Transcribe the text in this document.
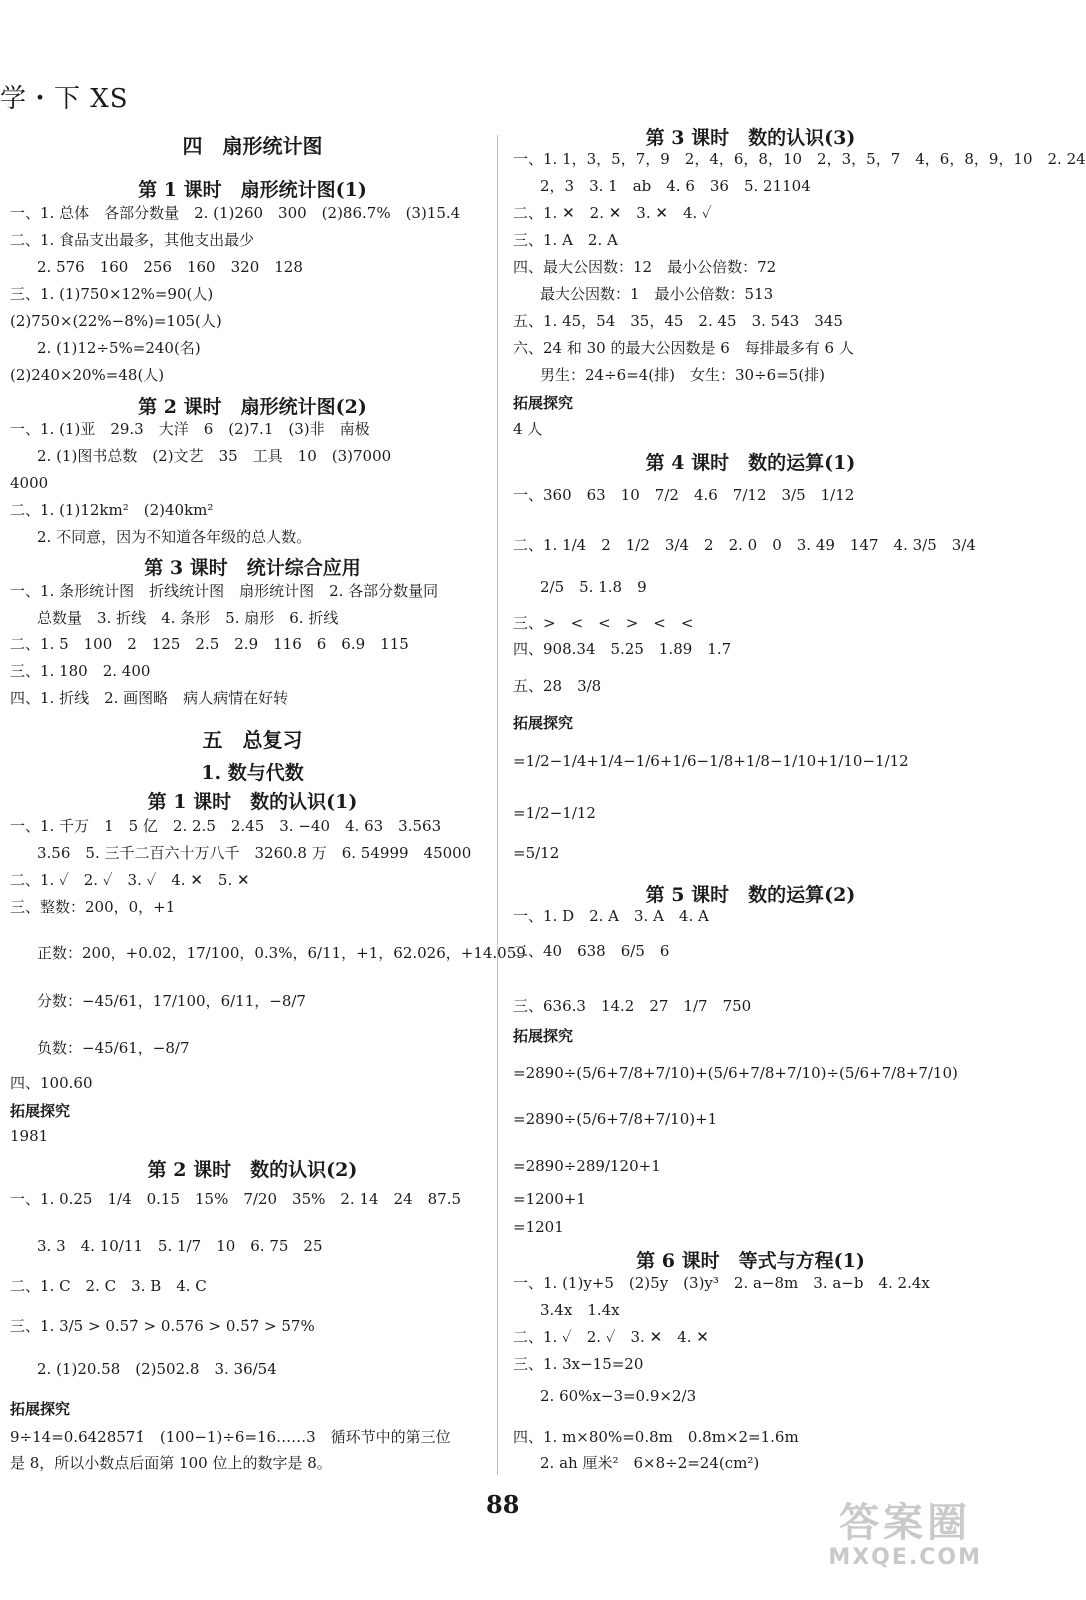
学・下 XS
四　扇形统计图
第 1 课时　扇形统计图(1)
一、1. 总体　各部分数量　2. (1)260　300　(2)86.7%　(3)15.4
二、1. 食品支出最多，其他支出最少
2. 576　160　256　160　320　128
三、1. (1)750×12%=90(人)
(2)750×(22%−8%)=105(人)
2. (1)12÷5%=240(名)
(2)240×20%=48(人)
第 2 课时　扇形统计图(2)
一、1. (1)亚　29.3　大洋　6　(2)7.1　(3)非　南极
2. (1)图书总数　(2)文艺　35　工具　10　(3)7000
4000
二、1. (1)12km²　(2)40km²
2. 不同意，因为不知道各年级的总人数。
第 3 课时　统计综合应用
一、1. 条形统计图　折线统计图　扇形统计图　2. 各部分数量同
总数量　3. 折线　4. 条形　5. 扇形　6. 折线
二、1. 5　100　2　125　2.5　2.9　116　6　6.9　115
三、1. 180　2. 400
四、1. 折线　2. 画图略　病人病情在好转
五　总复习
1. 数与代数
第 1 课时　数的认识(1)
一、1. 千万　1　5 亿　2. 2.5　2.45　3. −40　4. 63　3.563
3.56　5. 三千二百六十万八千　3260.8 万　6. 54999　45000
二、1. ✓　2. ✓　3. ✓　4. ✕　5. ✕
三、整数：200，0，+1
正数：200，+0.02，17/100，0.3%，6/11，+1，62.026，+14.059
分数：−45/61，17/100，6/11，−8/7
负数：−45/61，−8/7
四、100.60
拓展探究
1981
第 2 课时　数的认识(2)
一、1. 0.25　1/4　0.15　15%　7/20　35%　2. 14　24　87.5
3. 3　4. 10/11　5. 1/7　10　6. 75　25
二、1. C　2. C　3. B　4. C
三、1. 3/5 > 0.57̇ > 0.576 > 0.5̇7̇ > 57%
2. (1)20.58　(2)502.8　3. 36/54
拓展探究
9÷14=0.6428571̇　(100−1)÷6=16……3　循环节中的第三位
是 8，所以小数点后面第 100 位上的数字是 8。
第 3 课时　数的认识(3)
一、1. 1，3，5，7，9　2，4，6，8，10　2，3，5，7　4，6，8，9，10　2. 24
2，3　3. 1　ab　4. 6　36　5. 21104
二、1. ✕　2. ✕　3. ✕　4. ✓
三、1. A　2. A
四、最大公因数：12　最小公倍数：72
最大公因数：1　最小公倍数：513
五、1. 45，54　35，45　2. 45　3. 543　345
六、24 和 30 的最大公因数是 6　每排最多有 6 人
男生：24÷6=4(排)　女生：30÷6=5(排)
拓展探究
4 人
第 4 课时　数的运算(1)
一、360　63　10　7/2　4.6　7/12　3/5　1/12
二、1. 1/4　2　1/2　3/4　2　2. 0　0　3. 49　147　4. 3/5　3/4
2/5　5. 1.8　9
三、>　<　<　>　<　<
四、908.34　5.25　1.89　1.7
五、28　3/8
拓展探究
=1/2−1/4+1/4−1/6+1/6−1/8+1/8−1/10+1/10−1/12
=1/2−1/12
=5/12
第 5 课时　数的运算(2)
一、1. D　2. A　3. A　4. A
二、40　638　6/5　6
三、636.3　14.2　27　1/7　750
拓展探究
=2890÷(5/6+7/8+7/10)+(5/6+7/8+7/10)÷(5/6+7/8+7/10)
=2890÷(5/6+7/8+7/10)+1
=2890÷289/120+1
=1200+1
=1201
第 6 课时　等式与方程(1)
一、1. (1)y+5　(2)5y　(3)y³　2. a−8m　3. a−b　4. 2.4x
3.4x　1.4x
二、1. ✓　2. ✓　3. ✕　4. ✕
三、1. 3x−15=20
2. 60%x−3=0.9×2/3
四、1. m×80%=0.8m　0.8m×2=1.6m
2. ah 厘米²　6×8÷2=24(cm²)
88	答案圈
MXQE.COM
